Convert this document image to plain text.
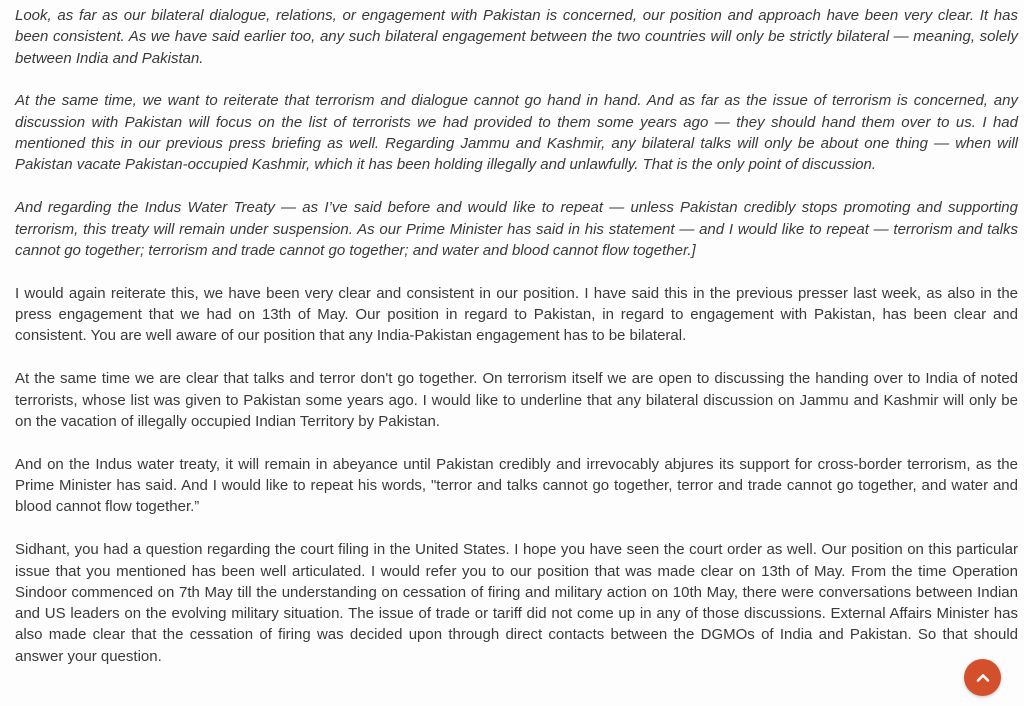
Look, as far as our bilateral dialogue, relations, or engagement with Pakistan is concerned, our position and approach have been very clear. It has been consistent. As we have said earlier too, any such bilateral engagement between the two countries will only be strictly bilateral — meaning, solely between India and Pakistan.

At the same time, we want to reiterate that terrorism and dialogue cannot go hand in hand. And as far as the issue of terrorism is concerned, any discussion with Pakistan will focus on the list of terrorists we had provided to them some years ago — they should hand them over to us. I had mentioned this in our previous press briefing as well. Regarding Jammu and Kashmir, any bilateral talks will only be about one thing — when will Pakistan vacate Pakistan-occupied Kashmir, which it has been holding illegally and unlawfully. That is the only point of discussion.

And regarding the Indus Water Treaty — as I’ve said before and would like to repeat — unless Pakistan credibly stops promoting and supporting terrorism, this treaty will remain under suspension. As our Prime Minister has said in his statement — and I would like to repeat — terrorism and talks cannot go together; terrorism and trade cannot go together; and water and blood cannot flow together.]

I would again reiterate this, we have been very clear and consistent in our position. I have said this in the previous presser last week, as also in the press engagement that we had on 13th of May. Our position in regard to Pakistan, in regard to engagement with Pakistan, has been clear and consistent. You are well aware of our position that any India-Pakistan engagement has to be bilateral.

At the same time we are clear that talks and terror don't go together. On terrorism itself we are open to discussing the handing over to India of noted terrorists, whose list was given to Pakistan some years ago. I would like to underline that any bilateral discussion on Jammu and Kashmir will only be on the vacation of illegally occupied Indian Territory by Pakistan.

And on the Indus water treaty, it will remain in abeyance until Pakistan credibly and irrevocably abjures its support for cross-border terrorism, as the Prime Minister has said. And I would like to repeat his words, "terror and talks cannot go together, terror and trade cannot go together, and water and blood cannot flow together.”

Sidhant, you had a question regarding the court filing in the United States. I hope you have seen the court order as well. Our position on this particular issue that you mentioned has been well articulated. I would refer you to our position that was made clear on 13th of May. From the time Operation Sindoor commenced on 7th May till the understanding on cessation of firing and military action on 10th May, there were conversations between Indian and US leaders on the evolving military situation. The issue of trade or tariff did not come up in any of those discussions. External Affairs Minister has also made clear that the cessation of firing was decided upon through direct contacts between the DGMOs of India and Pakistan. So that should answer your question.
